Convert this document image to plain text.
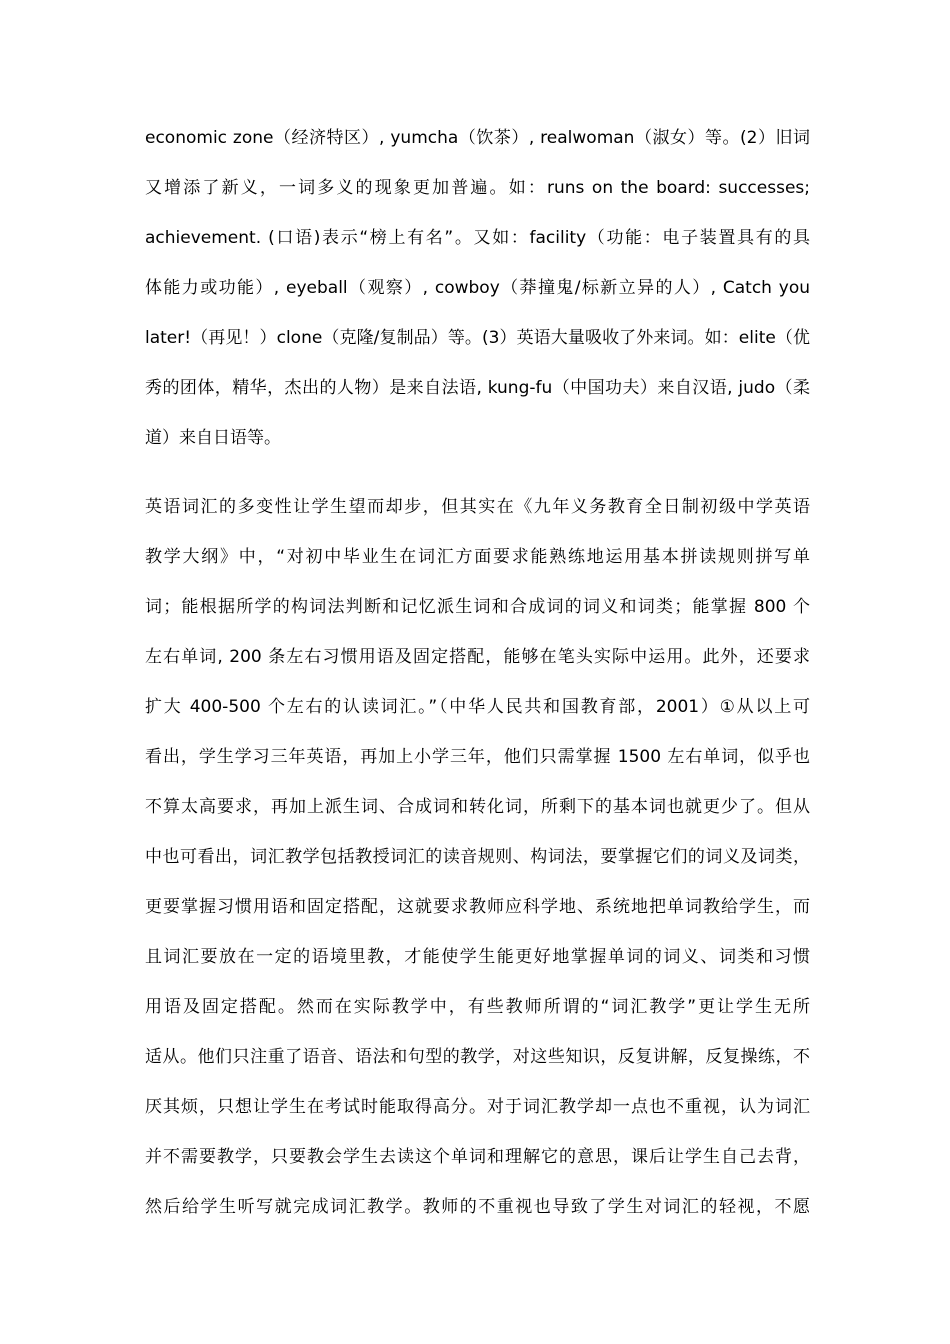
economic zone（经济特区）, yumcha（饮茶）, realwoman（淑女）等。(2）旧词
又增添了新义，一词多义的现象更加普遍。如：runs on the board: successes;
achievement. (口语)表示“榜上有名”。又如：facility（功能：电子装置具有的具
体能力或功能）, eyeball（观察）, cowboy（莽撞鬼/标新立异的人）, Catch you
later!（再见！）clone（克隆/复制品）等。(3）英语大量吸收了外来词。如：elite（优
秀的团体，精华，杰出的人物）是来自法语, kung-fu（中国功夫）来自汉语, judo（柔
道）来自日语等。
英语词汇的多变性让学生望而却步，但其实在《九年义务教育全日制初级中学英语
教学大纲》中，“对初中毕业生在词汇方面要求能熟练地运用基本拼读规则拼写单
词；能根据所学的构词法判断和记忆派生词和合成词的词义和词类；能掌握 800 个
左右单词, 200 条左右习惯用语及固定搭配，能够在笔头实际中运用。此外，还要求
扩大 400-500 个左右的认读词汇。”（中华人民共和国教育部，2001）①从以上可
看出，学生学习三年英语，再加上小学三年，他们只需掌握 1500 左右单词，似乎也
不算太高要求，再加上派生词、合成词和转化词，所剩下的基本词也就更少了。但从
中也可看出，词汇教学包括教授词汇的读音规则、构词法，要掌握它们的词义及词类，
更要掌握习惯用语和固定搭配，这就要求教师应科学地、系统地把单词教给学生，而
且词汇要放在一定的语境里教，才能使学生能更好地掌握单词的词义、词类和习惯
用语及固定搭配。然而在实际教学中，有些教师所谓的“词汇教学”更让学生无所
适从。他们只注重了语音、语法和句型的教学，对这些知识，反复讲解，反复操练，不
厌其烦，只想让学生在考试时能取得高分。对于词汇教学却一点也不重视，认为词汇
并不需要教学，只要教会学生去读这个单词和理解它的意思，课后让学生自己去背，
然后给学生听写就完成词汇教学。教师的不重视也导致了学生对词汇的轻视，不愿
